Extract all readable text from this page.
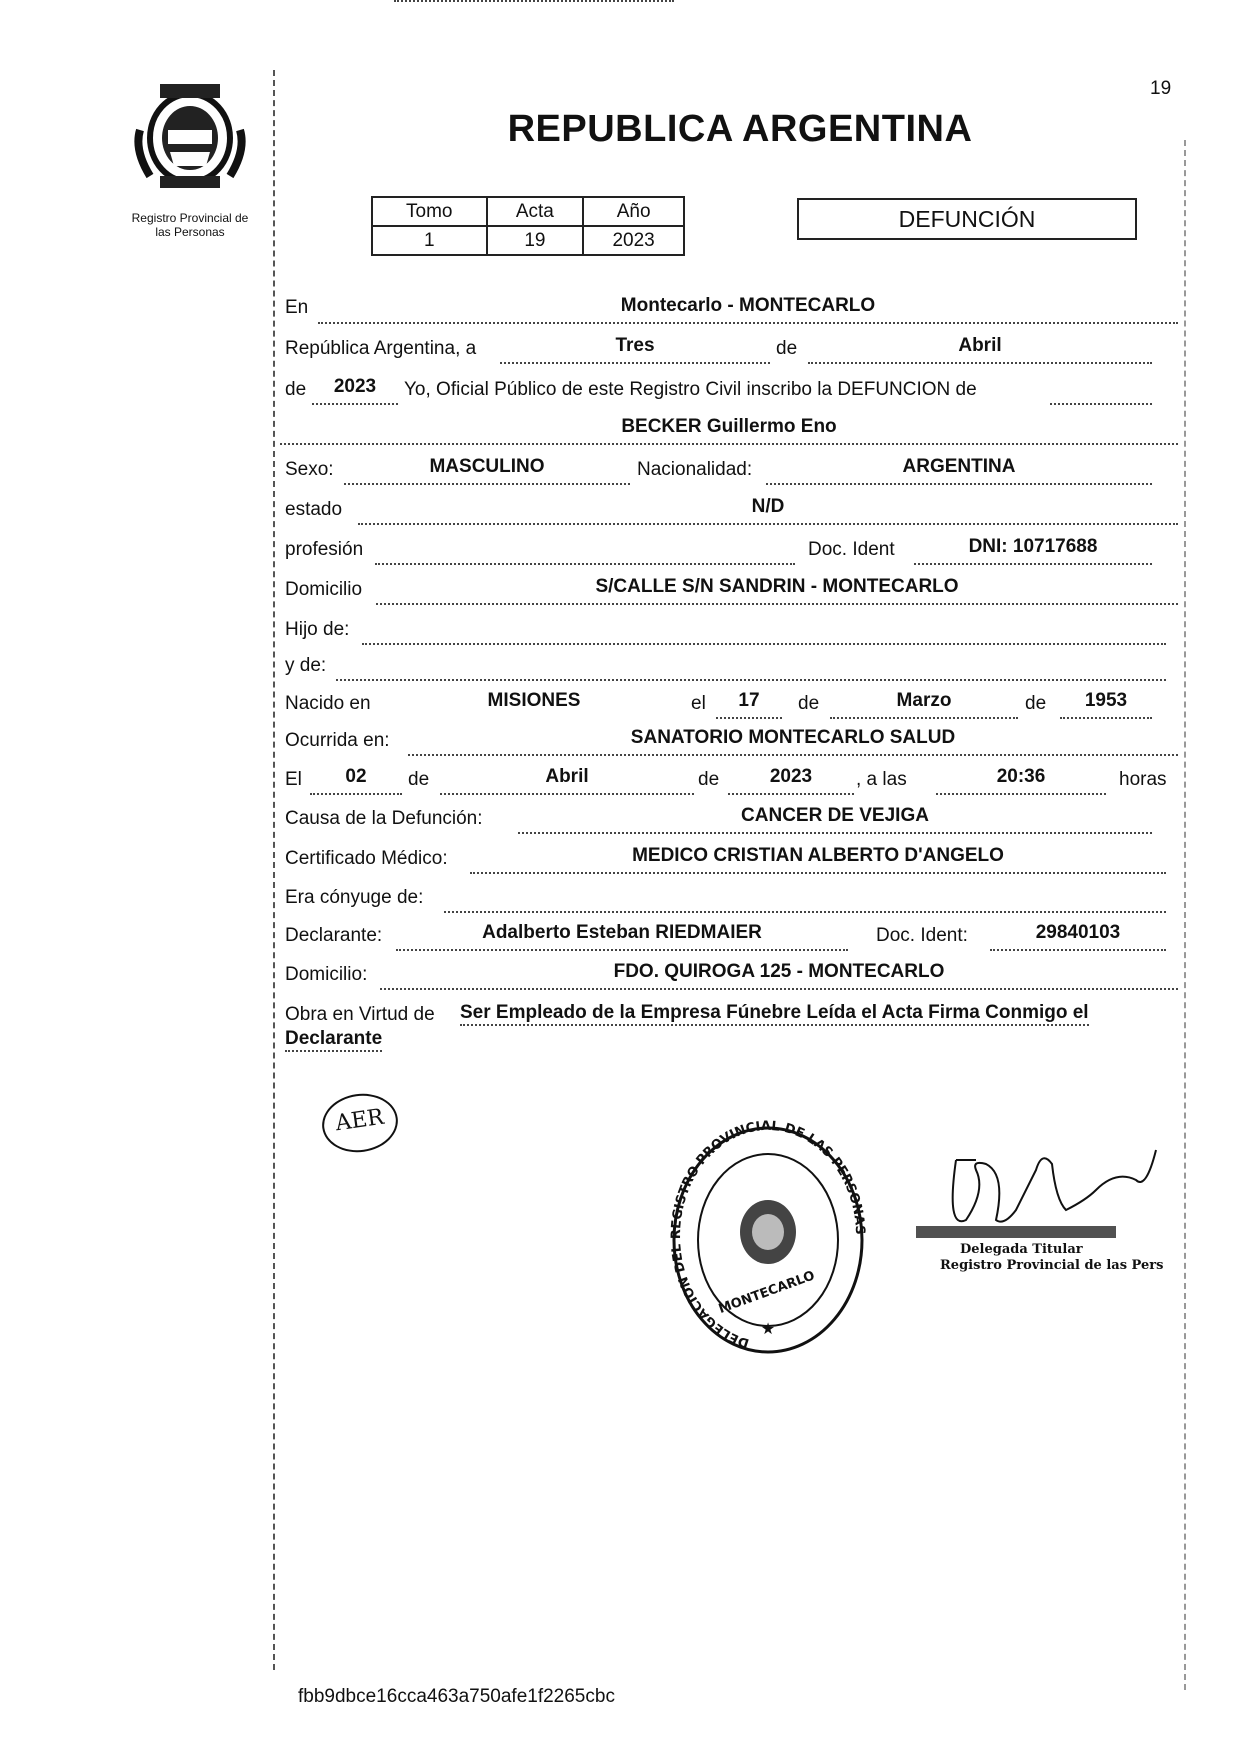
Registro Provincial de
las Personas
19
REPUBLICA ARGENTINA
Tomo	Acta	Año
1	19	2023
DEFUNCIÓN
En	Montecarlo - MONTECARLO
República Argentina, a	Tres	de	Abril
de	2023	Yo, Oficial Público de este Registro Civil inscribo la DEFUNCION de
BECKER Guillermo Eno
Sexo:	MASCULINO	Nacionalidad:	ARGENTINA
estado	N/D
profesión	Doc. Ident	DNI: 10717688
Domicilio	S/CALLE S/N SANDRIN - MONTECARLO
Hijo de:
y de:
Nacido en	MISIONES	el	17	de	Marzo	de	1953
Ocurrida en:	SANATORIO MONTECARLO SALUD
El	02	de	Abril	de	2023	, a las	20:36	horas
Causa de la Defunción:	CANCER DE VEJIGA
Certificado Médico:	MEDICO CRISTIAN ALBERTO D'ANGELO
Era cónyuge de:
Declarante:	Adalberto Esteban RIEDMAIER	Doc. Ident:	29840103
Domicilio:	FDO. QUIROGA 125 - MONTECARLO
Obra en Virtud de Ser Empleado de la Empresa Fúnebre Leída el Acta Firma Conmigo el
Declarante
AER
DELEGACION DEL REGISTRO PROVINCIAL DE LAS PERSONAS
MONTECARLO
★
Delegada Titular
Registro Provincial de las Pers
fbb9dbce16cca463a750afe1f2265cbc
